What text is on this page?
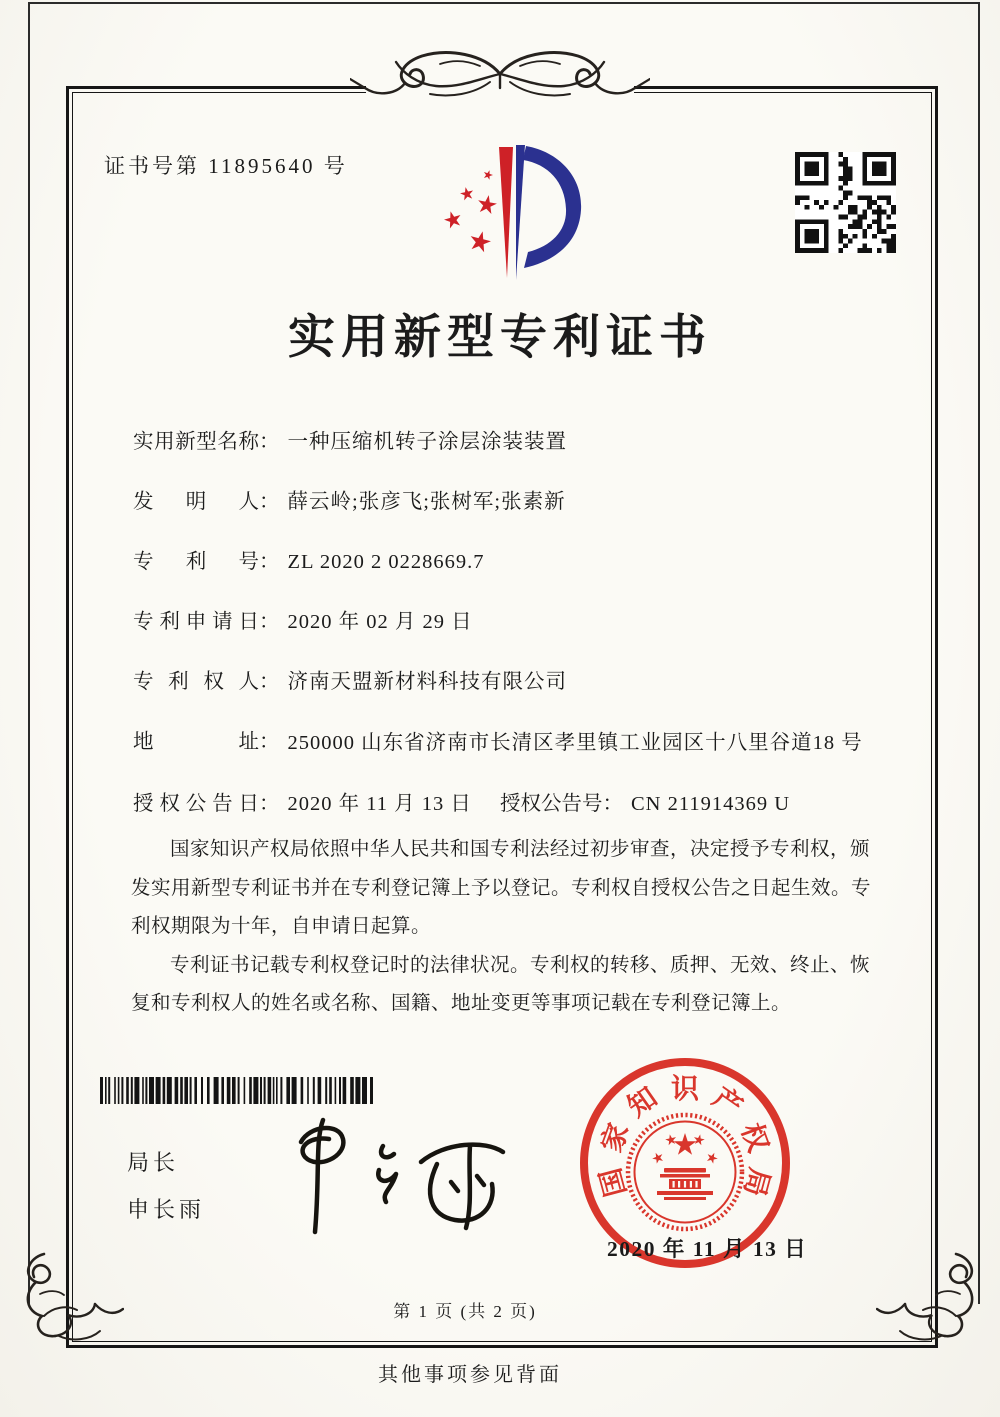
证书号第 11895640 号
实用新型专利证书
实用新型名称： 一种压缩机转子涂层涂装装置
发明人： 薛云岭;张彦飞;张树军;张素新
专利号： ZL 2020 2 0228669.7
专利申请日： 2020 年 02 月 29 日
专利权人： 济南天盟新材料科技有限公司
地址： 250000 山东省济南市长清区孝里镇工业园区十八里谷道18 号
授权公告日： 2020 年 11 月 13 日 授权公告号： CN 211914369 U

国家知识产权局依照中华人民共和国专利法经过初步审查，决定授予专利权，颁发实用新型专利证书并在专利登记簿上予以登记。专利权自授权公告之日起生效。专利权期限为十年，自申请日起算。

专利证书记载专利权登记时的法律状况。专利权的转移、质押、无效、终止、恢复和专利权人的姓名或名称、国籍、地址变更等事项记载在专利登记簿上。

局长
申长雨
国
家
知 识 产
权
局
2020 年 11 月 13 日
第 1 页 (共 2 页)
其他事项参见背面
